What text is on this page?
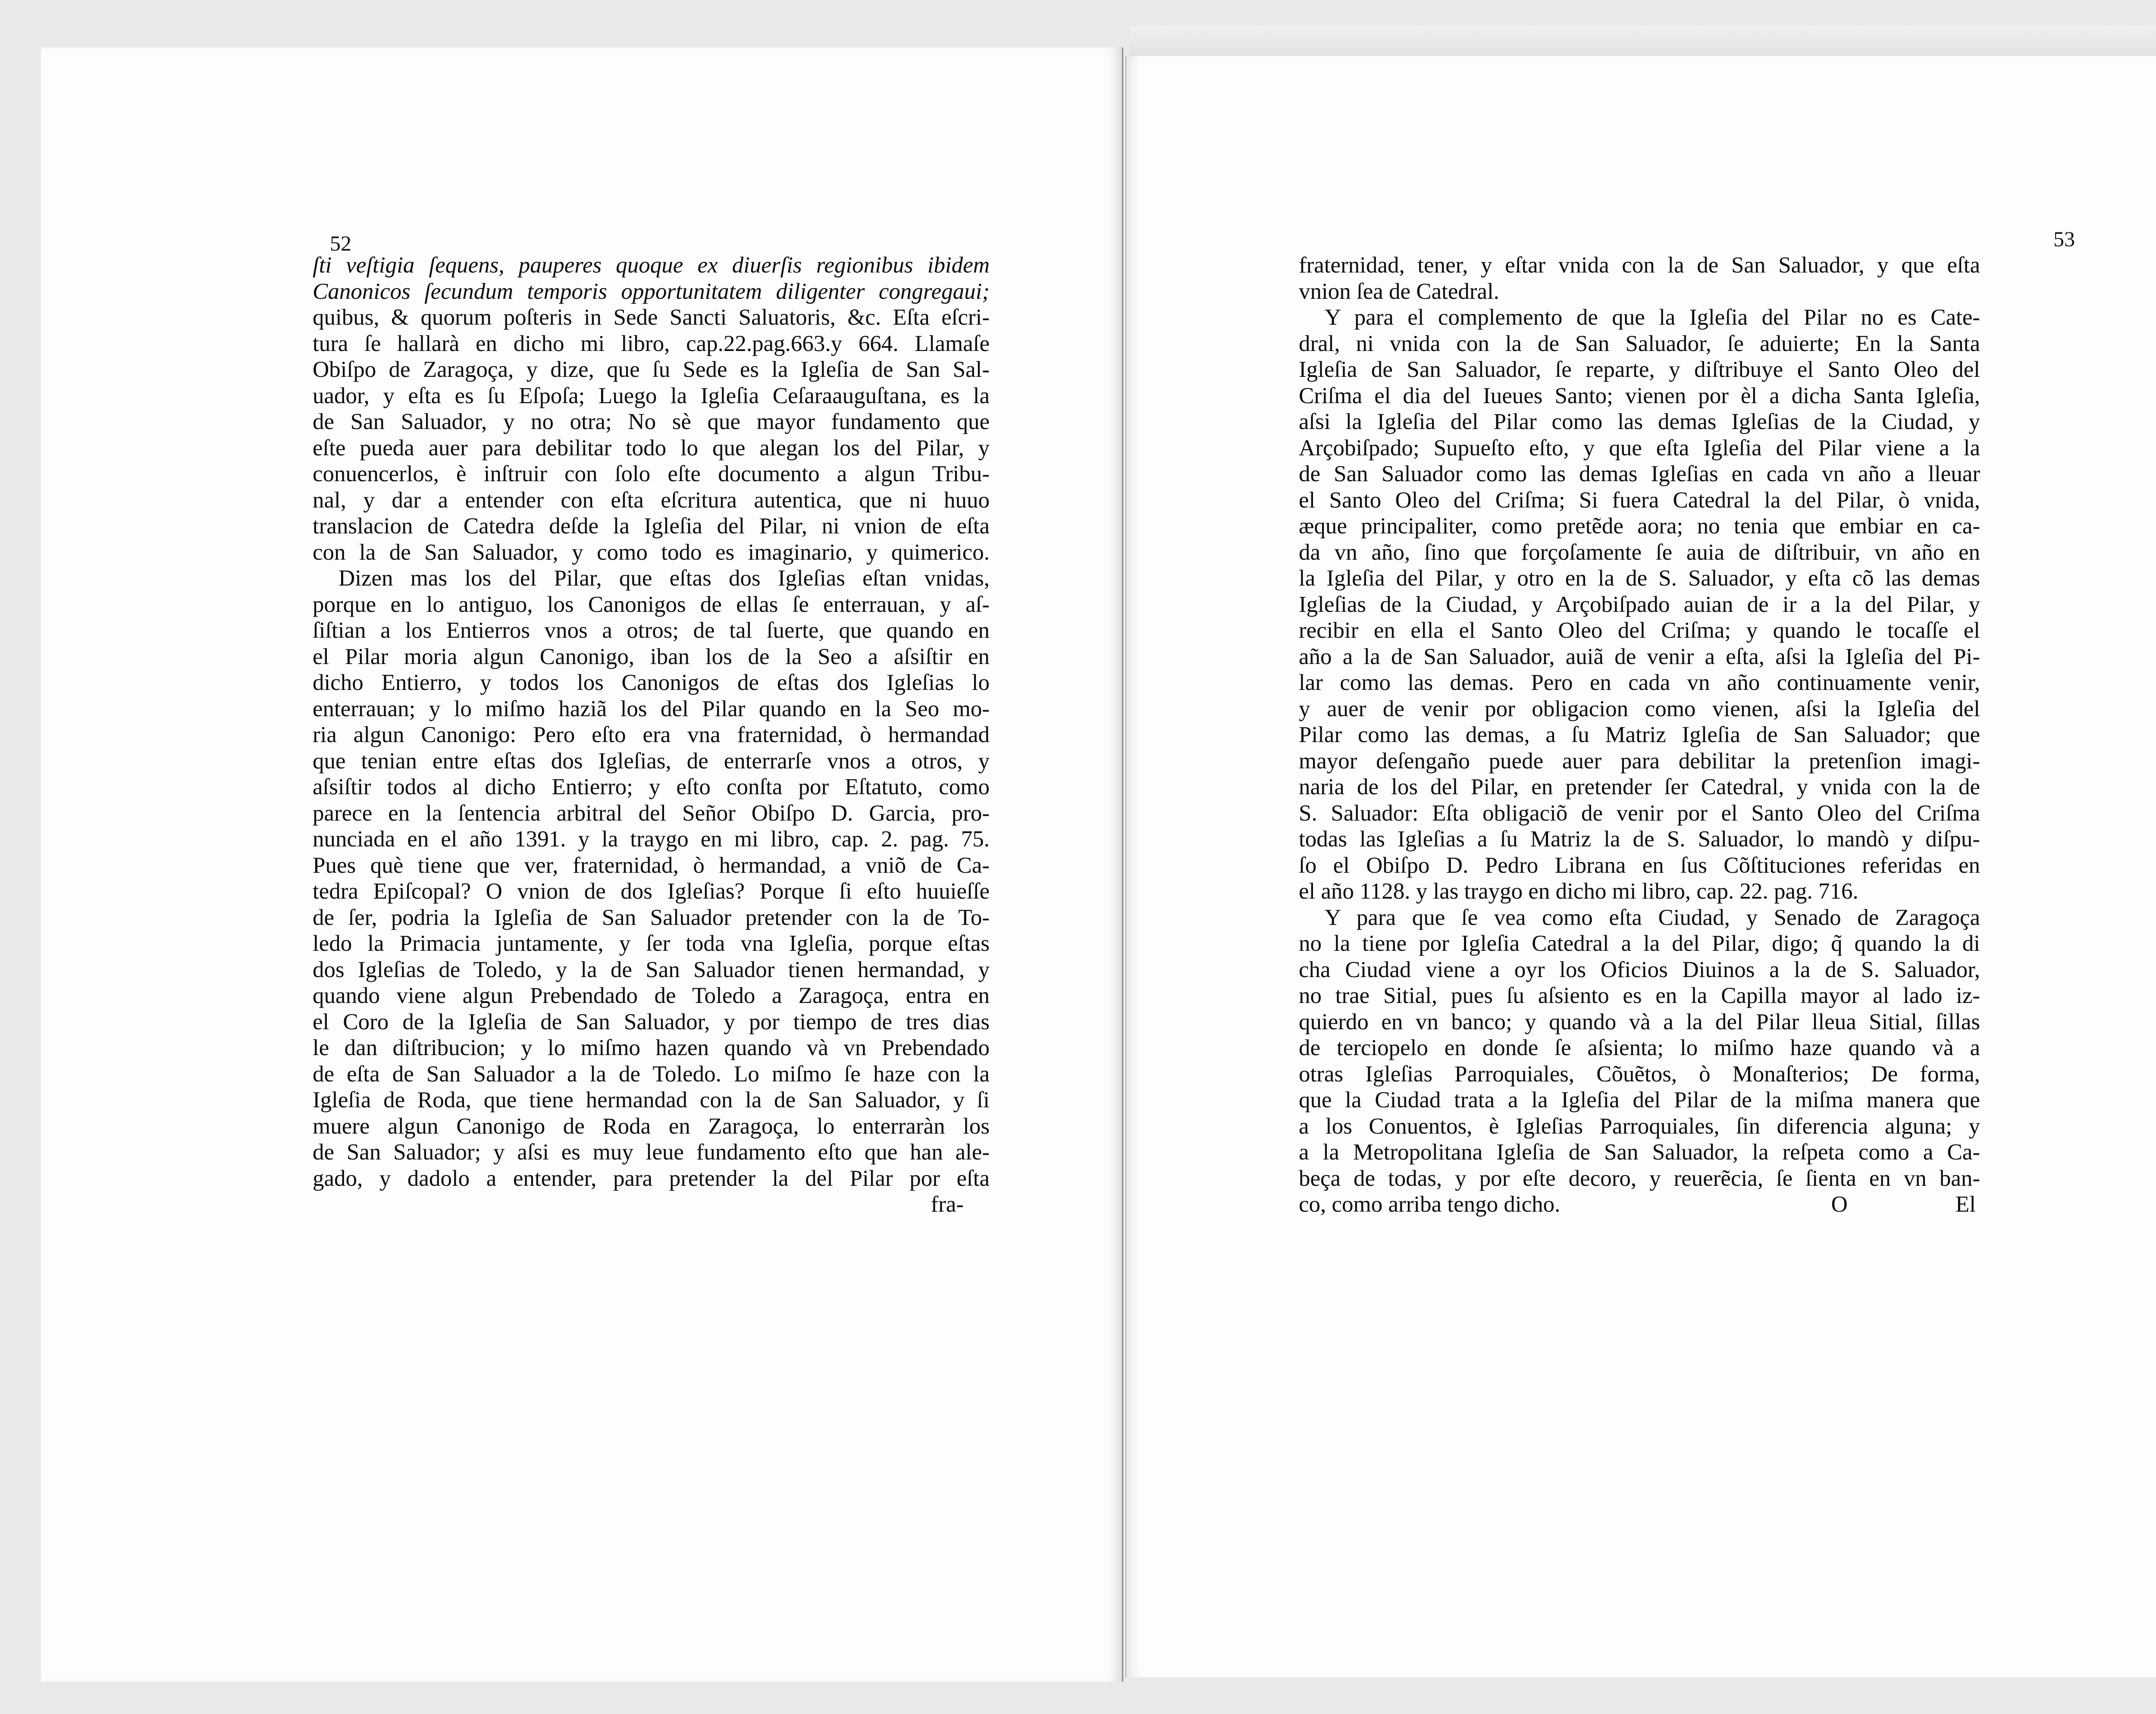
52
ſti veſtigia ſequens, pauperes quoque ex diuerſis regionibus ibidem
Canonicos ſecundum temporis opportunitatem diligenter congregaui;
quibus, & quorum poſteris in Sede Sancti Saluatoris, &c. Eſta eſcri-
tura ſe hallarà en dicho mi libro, cap.22.pag.663.y 664. Llamaſe
Obiſpo de Zaragoça, y dize, que ſu Sede es la Igleſia de San Sal-
uador, y eſta es ſu Eſpoſa; Luego la Igleſia Ceſaraauguſtana, es la
de San Saluador, y no otra; No sè que mayor fundamento que
eſte pueda auer para debilitar todo lo que alegan los del Pilar, y
conuencerlos, è inſtruir con ſolo eſte documento a algun Tribu-
nal, y dar a entender con eſta eſcritura autentica, que ni huuo
translacion de Catedra deſde la Igleſia del Pilar, ni vnion de eſta
con la de San Saluador, y como todo es imaginario, y quimerico.
Dizen mas los del Pilar, que eſtas dos Igleſias eſtan vnidas,
porque en lo antiguo, los Canonigos de ellas ſe enterrauan, y aſ-
ſiſtian a los Entierros vnos a otros; de tal ſuerte, que quando en
el Pilar moria algun Canonigo, iban los de la Seo a aſsiſtir en
dicho Entierro, y todos los Canonigos de eſtas dos Igleſias lo
enterrauan; y lo miſmo haziã los del Pilar quando en la Seo mo-
ria algun Canonigo: Pero eſto era vna fraternidad, ò hermandad
que tenian entre eſtas dos Igleſias, de enterrarſe vnos a otros, y
aſsiſtir todos al dicho Entierro; y eſto conſta por Eſtatuto, como
parece en la ſentencia arbitral del Señor Obiſpo D. Garcia, pro-
nunciada en el año 1391. y la traygo en mi libro, cap. 2. pag. 75.
Pues què tiene que ver, fraternidad, ò hermandad, a vniõ de Ca-
tedra Epiſcopal? O vnion de dos Igleſias? Porque ſi eſto huuieſſe
de ſer, podria la Igleſia de San Saluador pretender con la de To-
ledo la Primacia juntamente, y ſer toda vna Igleſia, porque eſtas
dos Igleſias de Toledo, y la de San Saluador tienen hermandad, y
quando viene algun Prebendado de Toledo a Zaragoça, entra en
el Coro de la Igleſia de San Saluador, y por tiempo de tres dias
le dan diſtribucion; y lo miſmo hazen quando và vn Prebendado
de eſta de San Saluador a la de Toledo. Lo miſmo ſe haze con la
Igleſia de Roda, que tiene hermandad con la de San Saluador, y ſi
muere algun Canonigo de Roda en Zaragoça, lo enterraràn los
de San Saluador; y aſsi es muy leue fundamento eſto que han ale-
gado, y dadolo a entender, para pretender la del Pilar por eſta
fra-
53
fraternidad, tener, y eſtar vnida con la de San Saluador, y que eſta
vnion ſea de Catedral.
Y para el complemento de que la Igleſia del Pilar no es Cate-
dral, ni vnida con la de San Saluador, ſe aduierte; En la Santa
Igleſia de San Saluador, ſe reparte, y diſtribuye el Santo Oleo del
Criſma el dia del Iueues Santo; vienen por èl a dicha Santa Igleſia,
aſsi la Igleſia del Pilar como las demas Igleſias de la Ciudad, y
Arçobiſpado; Supueſto eſto, y que eſta Igleſia del Pilar viene a la
de San Saluador como las demas Igleſias en cada vn año a lleuar
el Santo Oleo del Criſma; Si fuera Catedral la del Pilar, ò vnida,
æque principaliter, como pretẽde aora; no tenia que embiar en ca-
da vn año, ſino que forçoſamente ſe auia de diſtribuir, vn año en
la Igleſia del Pilar, y otro en la de S. Saluador, y eſta cõ las demas
Igleſias de la Ciudad, y Arçobiſpado auian de ir a la del Pilar, y
recibir en ella el Santo Oleo del Criſma; y quando le tocaſſe el
año a la de San Saluador, auiã de venir a eſta, aſsi la Igleſia del Pi-
lar como las demas. Pero en cada vn año continuamente venir,
y auer de venir por obligacion como vienen, aſsi la Igleſia del
Pilar como las demas, a ſu Matriz Igleſia de San Saluador; que
mayor deſengaño puede auer para debilitar la pretenſion imagi-
naria de los del Pilar, en pretender ſer Catedral, y vnida con la de
S. Saluador: Eſta obligaciõ de venir por el Santo Oleo del Criſma
todas las Igleſias a ſu Matriz la de S. Saluador, lo mandò y diſpu-
ſo el Obiſpo D. Pedro Librana en ſus Cõſtituciones referidas en
el año 1128. y las traygo en dicho mi libro, cap. 22. pag. 716.
Y para que ſe vea como eſta Ciudad, y Senado de Zaragoça
no la tiene por Igleſia Catedral a la del Pilar, digo; q̃ quando la di
cha Ciudad viene a oyr los Oficios Diuinos a la de S. Saluador,
no trae Sitial, pues ſu aſsiento es en la Capilla mayor al lado iz-
quierdo en vn banco; y quando và a la del Pilar lleua Sitial, ſillas
de terciopelo en donde ſe aſsienta; lo miſmo haze quando và a
otras Igleſias Parroquiales, Cõuẽtos, ò Monaſterios; De forma,
que la Ciudad trata a la Igleſia del Pilar de la miſma manera que
a los Conuentos, è Igleſias Parroquiales, ſin diferencia alguna; y
a la Metropolitana Igleſia de San Saluador, la reſpeta como a Ca-
beça de todas, y por eſte decoro, y reuerẽcia, ſe ſienta en vn ban-
co, como arriba tengo dicho.	O	El
